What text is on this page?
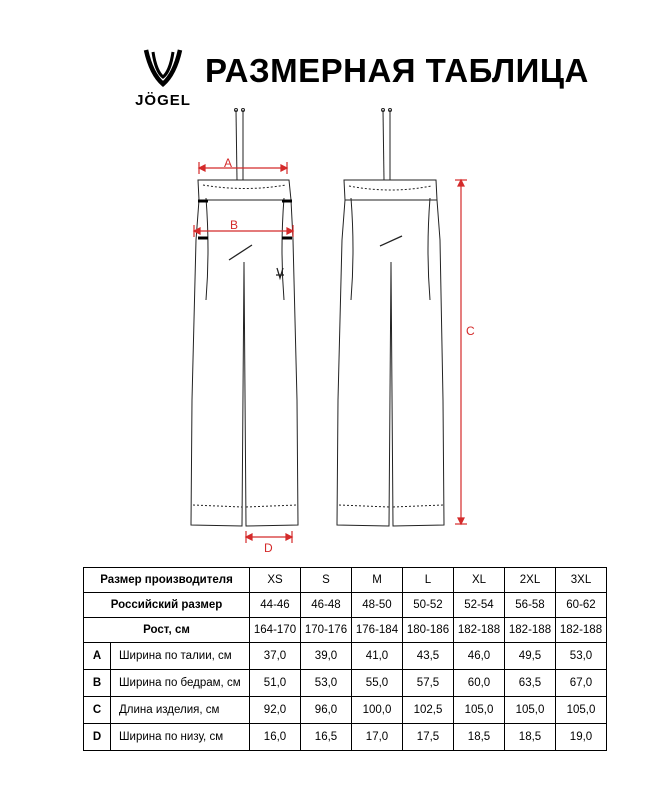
JÖGEL
РАЗМЕРНАЯ ТАБЛИЦА
A
B
C
D
Размер производителя		XS	S	M	L	XL	2XL	3XL
Российский размер		44-46	46-48	48-50	50-52	52-54	56-58	60-62
Рост, см		164-170	170-176	176-184	180-186	182-188	182-188	182-188
A	Ширина по талии, см	37,0	39,0	41,0	43,5	46,0	49,5	53,0
B	Ширина по бедрам, см	51,0	53,0	55,0	57,5	60,0	63,5	67,0
C	Длина изделия, см	92,0	96,0	100,0	102,5	105,0	105,0	105,0
D	Ширина по низу, см	16,0	16,5	17,0	17,5	18,5	18,5	19,0
